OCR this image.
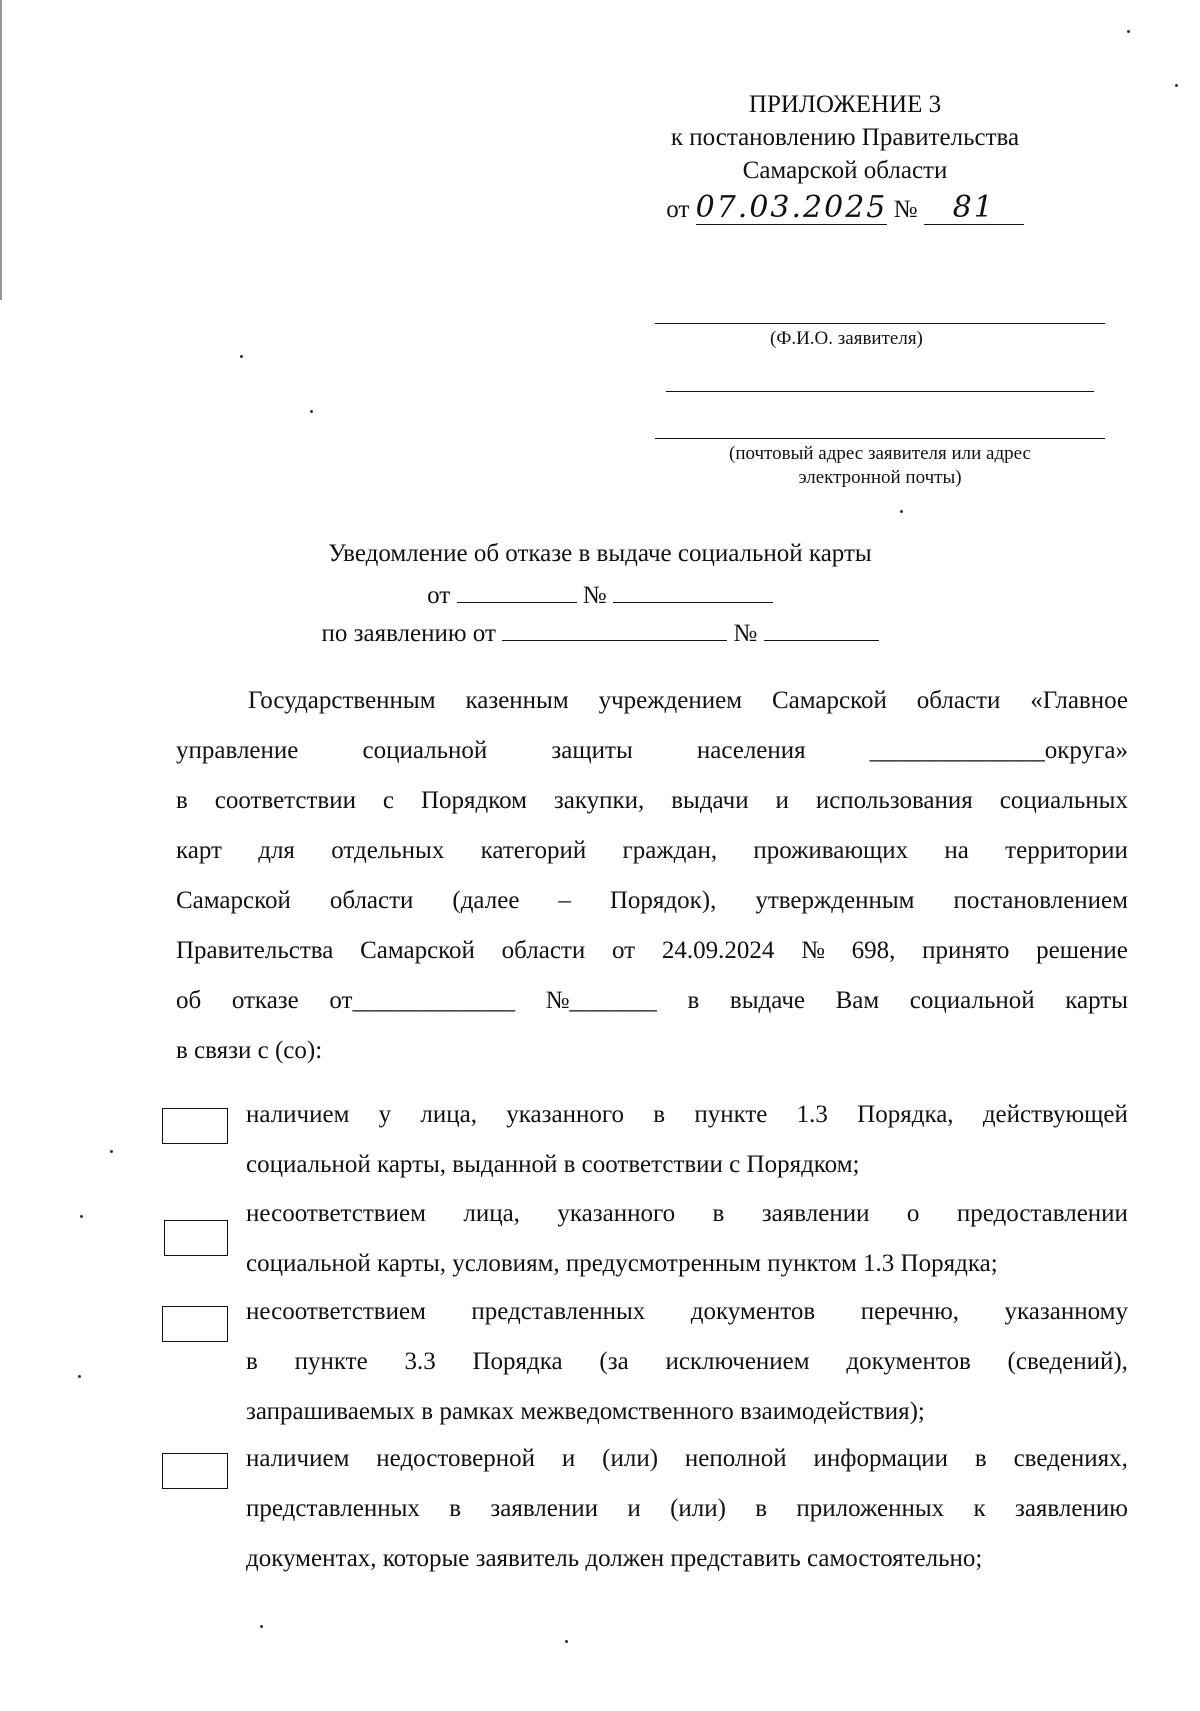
ПРИЛОЖЕНИЕ 3
к постановлению Правительства
Самарской области
от 07.03.2025 № 81
(Ф.И.О. заявителя)
(почтовый адрес заявителя или адрес
электронной почты)
Уведомление об отказе в выдаче социальной карты
от	№
по заявлению от	№
Государственным казенным учреждением Самарской области «Главное
управление	социальной	защиты	населения	______________округа»
в соответствии с Порядком закупки, выдачи и использования социальных
карт для отдельных категорий граждан, проживающих на территории
Самарской области (далее – Порядок), утвержденным постановлением
Правительства Самарской области от 24.09.2024 № 698, принято решение
об отказе от_____________ №_______ в выдаче Вам социальной карты
в связи с (со):
наличием у лица, указанного в пункте 1.3 Порядка, действующей
социальной карты, выданной в соответствии с Порядком;
несоответствием лица, указанного в заявлении о предоставлении
социальной карты, условиям, предусмотренным пунктом 1.3 Порядка;
несоответствием представленных документов перечню, указанному
в пункте 3.3 Порядка (за исключением документов (сведений),
запрашиваемых в рамках межведомственного взаимодействия);
наличием недостоверной и (или) неполной информации в сведениях,
представленных в заявлении и (или) в приложенных к заявлению
документах, которые заявитель должен представить самостоятельно;
